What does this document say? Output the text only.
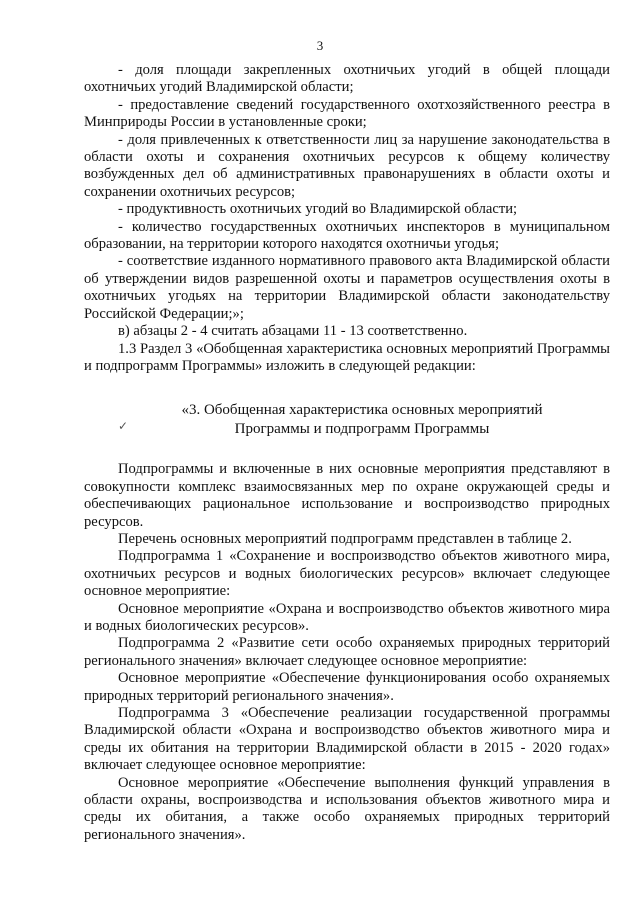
3

- доля площади закрепленных охотничьих угодий в общей площади охотничьих угодий Владимирской области;

- предоставление сведений государственного охотхозяйственного реестра в Минприроды России в установленные сроки;

- доля привлеченных к ответственности лиц за нарушение законодательства в области охоты и сохранения охотничьих ресурсов к общему количеству возбужденных дел об административных правонарушениях в области охоты и сохранении охотничьих ресурсов;

- продуктивность охотничьих угодий во Владимирской области;

- количество государственных охотничьих инспекторов в муниципальном образовании, на территории которого находятся охотничьи угодья;

- соответствие изданного нормативного правового акта Владимирской области об утверждении видов разрешенной охоты и параметров осуществления охоты в охотничьих угодьях на территории Владимирской области законодательству Российской Федерации;»;

в) абзацы 2 - 4 считать абзацами 11 - 13 соответственно.

1.3 Раздел 3 «Обобщенная характеристика основных мероприятий Программы и подпрограмм Программы» изложить в следующей редакции:

«3. Обобщенная характеристика основных мероприятий
Программы и подпрограмм Программы

Подпрограммы и включенные в них основные мероприятия представляют в совокупности комплекс взаимосвязанных мер по охране окружающей среды и обеспечивающих рациональное использование и воспроизводство природных ресурсов.

Перечень основных мероприятий подпрограмм представлен в таблице 2.

Подпрограмма 1 «Сохранение и воспроизводство объектов животного мира, охотничьих ресурсов и водных биологических ресурсов» включает следующее основное мероприятие:

Основное мероприятие «Охрана и воспроизводство объектов животного мира и водных биологических ресурсов».

Подпрограмма 2 «Развитие сети особо охраняемых природных территорий регионального значения» включает следующее основное мероприятие:

Основное мероприятие «Обеспечение функционирования особо охраняемых природных территорий регионального значения».

Подпрограмма 3 «Обеспечение реализации государственной программы Владимирской области «Охрана и воспроизводство объектов животного мира и среды их обитания на территории Владимирской области в 2015 - 2020 годах» включает следующее основное мероприятие:

Основное мероприятие «Обеспечение выполнения функций управления в области охраны, воспроизводства и использования объектов животного мира и среды их обитания, а также особо охраняемых природных территорий регионального значения».

✓
